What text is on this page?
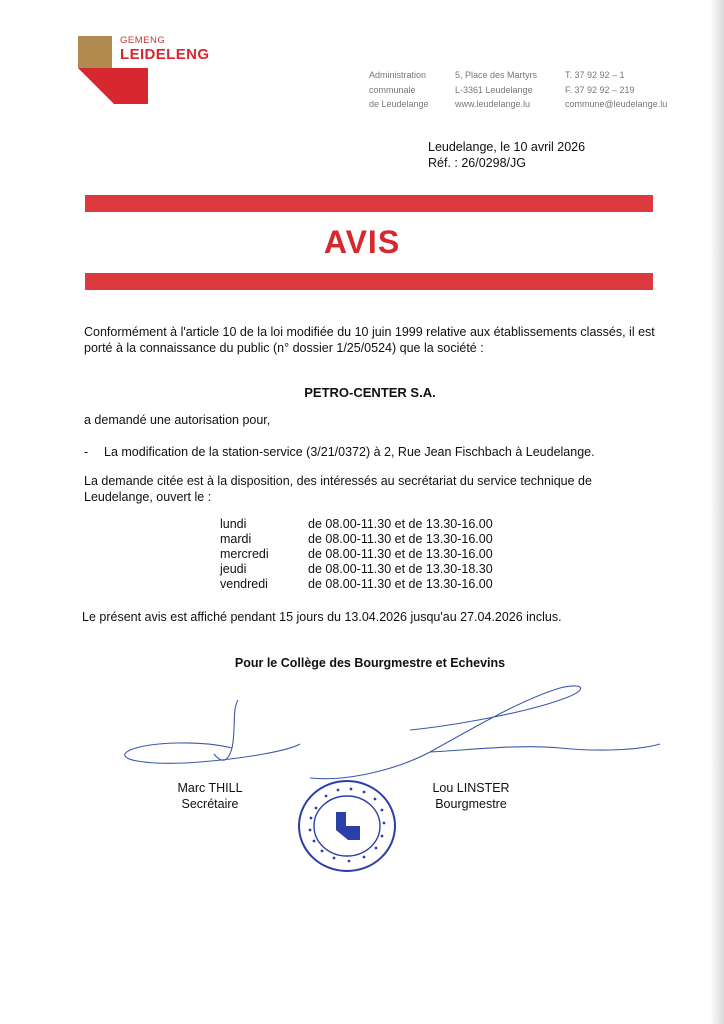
GEMENG
LEIDELENG
Administration
communale
de Leudelange
5, Place des Martyrs
L-3361 Leudelange
www.leudelange.lu
T. 37 92 92 – 1
F. 37 92 92 – 219
commune@leudelange.lu
Leudelange, le 10 avril 2026
Réf. : 26/0298/JG
AVIS
Conformément à l'article 10 de la loi modifiée du 10 juin 1999 relative aux établissements classés, il est porté à la connaissance du public (n° dossier 1/25/0524) que la société :
PETRO-CENTER S.A.
a demandé une autorisation pour,
- La modification de la station-service (3/21/0372) à 2, Rue Jean Fischbach à Leudelange.
La demande citée est à la disposition, des intéressés au secrétariat du service technique de Leudelange, ouvert le :
lundi	de 08.00-11.30 et de 13.30-16.00
mardi	de 08.00-11.30 et de 13.30-16.00
mercredi	de 08.00-11.30 et de 13.30-16.00
jeudi	de 08.00-11.30 et de 13.30-18.30
vendredi	de 08.00-11.30 et de 13.30-16.00
Le présent avis est affiché pendant 15 jours du 13.04.2026 jusqu'au 27.04.2026 inclus.
Pour le Collège des Bourgmestre et Echevins
Marc THILL
Secrétaire
Lou LINSTER
Bourgmestre
